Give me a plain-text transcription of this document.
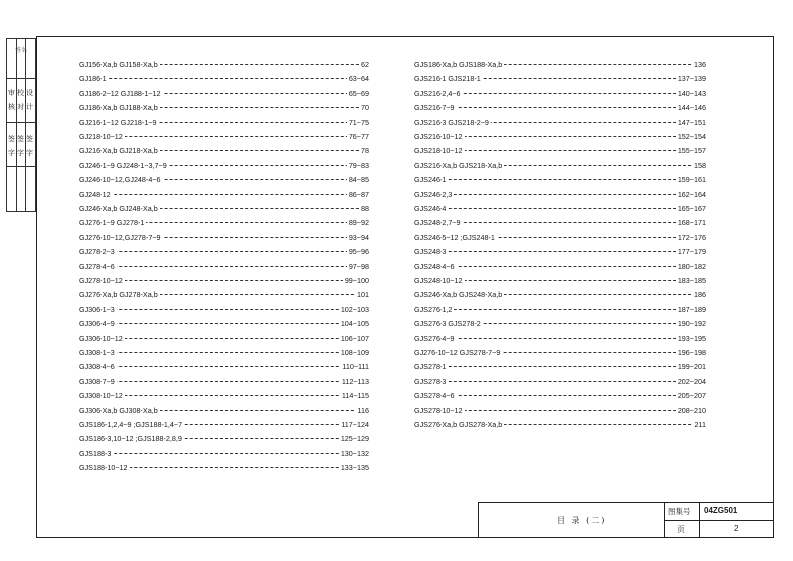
审
核
校
对
设
计
签
字
签
字
签
字
签名
GJ156-Xa,b GJ158-Xa,b	62
GJ186-1	63~64
GJ186-2~12 GJ188-1~12	65~69
GJ186-Xa,b GJ188-Xa,b	70
GJ216-1~12 GJ218-1~9	71~75
GJ218-10~12	76~77
GJ216-Xa,b GJ218-Xa,b	78
GJ246-1~9 GJ248-1~3,7~9	79~83
GJ246-10~12,GJ248-4~6	84~85
GJ248-12	86~87
GJ246-Xa,b GJ248-Xa,b	88
GJ276-1~9 GJ278-1	89~92
GJ276-10~12,GJ278-7~9	93~94
GJ278-2~3	95~96
GJ278-4~6	97~98
GJ278-10~12	99~100
GJ276-Xa,b GJ278-Xa,b	101
GJ306-1~3	102~103
GJ306-4~9	104~105
GJ306-10~12	106~107
GJ308-1~3	108~109
GJ308-4~6	110~111
GJ308-7~9	112~113
GJ308-10~12	114~115
GJ306-Xa,b GJ308-Xa,b	116
GJS186-1,2,4~9 ;GJS188-1,4~7	117~124
GJS186-3,10~12 ;GJS188-2,8,9	125~129
GJS188-3	130~132
GJS188-10~12	133~135
GJS186-Xa,b GJS188-Xa,b	136
GJS216-1 GJS218-1	137~139
GJS216-2,4~6	140~143
GJS216-7~9	144~146
GJS216-3 GJS218-2~9	147~151
GJS216-10~12	152~154
GJS218-10~12	155~157
GJS216-Xa,b GJS218-Xa,b	158
GJS246-1	159~161
GJS246-2,3	162~164
GJS246-4	165~167
GJS248-2,7~9	168~171
GJS246-5~12 ;GJS248-1	172~176
GJS248-3	177~179
GJS248-4~6	180~182
GJS248-10~12	183~185
GJS246-Xa,b GJS248-Xa,b	186
GJS276-1,2	187~189
GJS276-3 GJS278-2	190~192
GJS276-4~9	193~195
GJ276-10~12 GJS278-7~9	196~198
GJS278-1	199~201
GJS278-3	202~204
GJS278-4~6	205~207
GJS278-10~12	208~210
GJS276-Xa,b GJS278-Xa,b	211
目 录 (二)
图集号 04ZG501
页	2
